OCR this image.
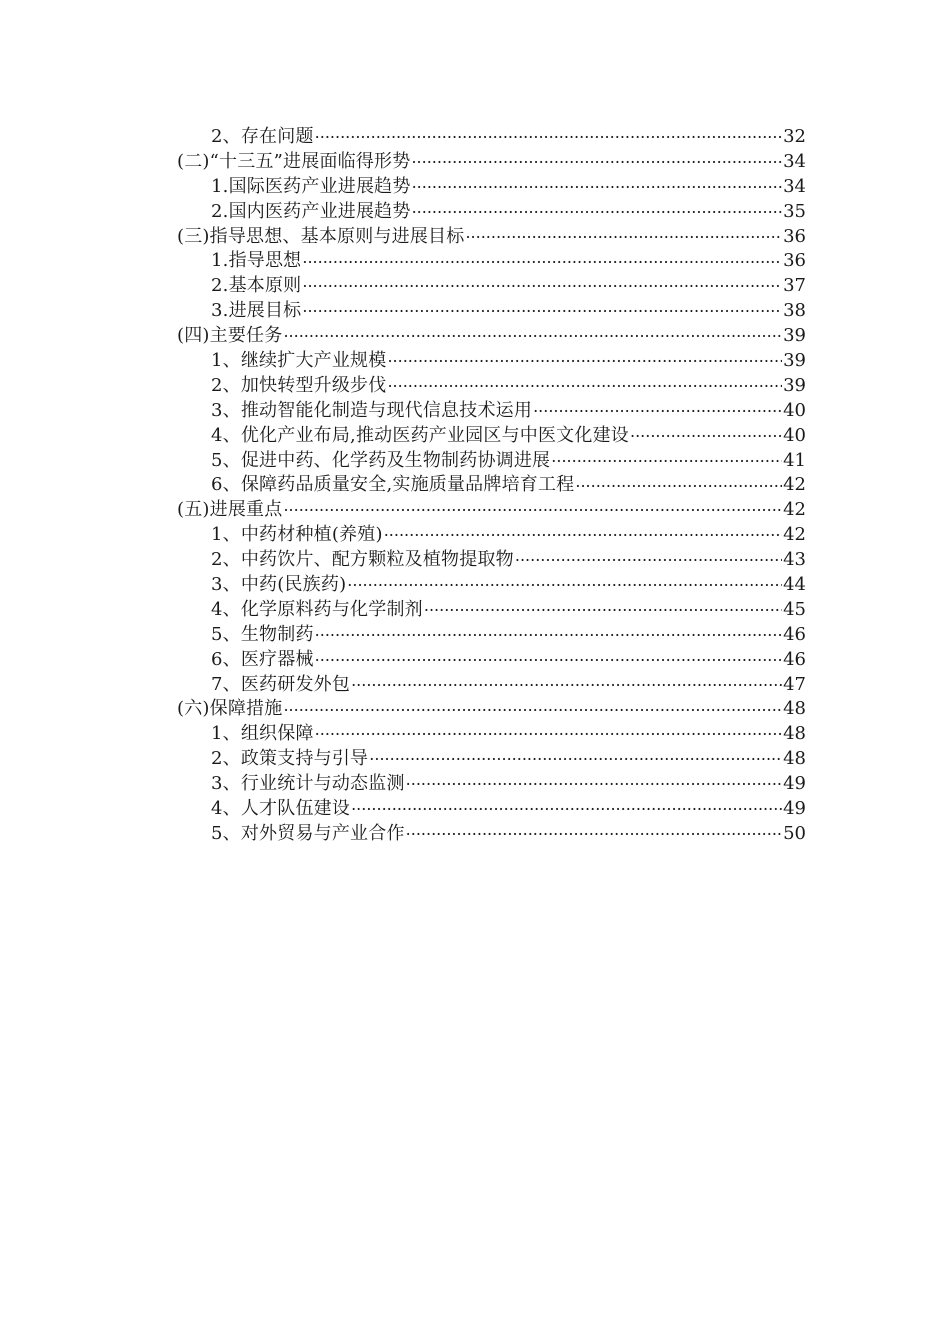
2、存在问题 .....	32
(二)“十三五”进展面临得形势 .....	34
1.国际医药产业进展趋势 .....	34
2.国内医药产业进展趋势 .....	35
(三)指导思想、基本原则与进展目标 .....	36
1.指导思想 .....	36
2.基本原则 .....	37
3.进展目标 .....	38
(四)主要任务 .....	39
1、继续扩大产业规模 .....	39
2、加快转型升级步伐 .....	39
3、推动智能化制造与现代信息技术运用 .....	40
4、优化产业布局,推动医药产业园区与中医文化建设 .....	40
5、促进中药、化学药及生物制药协调进展 .....	41
6、保障药品质量安全,实施质量品牌培育工程 .....	42
(五)进展重点 .....	42
1、中药材种植(养殖) .....	42
2、中药饮片、配方颗粒及植物提取物 .....	43
3、中药(民族药) .....	44
4、化学原料药与化学制剂 .....	45
5、生物制药 .....	46
6、医疗器械 .....	46
7、医药研发外包 .....	47
(六)保障措施 .....	48
1、组织保障 .....	48
2、政策支持与引导 .....	48
3、行业统计与动态监测 .....	49
4、人才队伍建设 .....	49
5、对外贸易与产业合作 .....	50
